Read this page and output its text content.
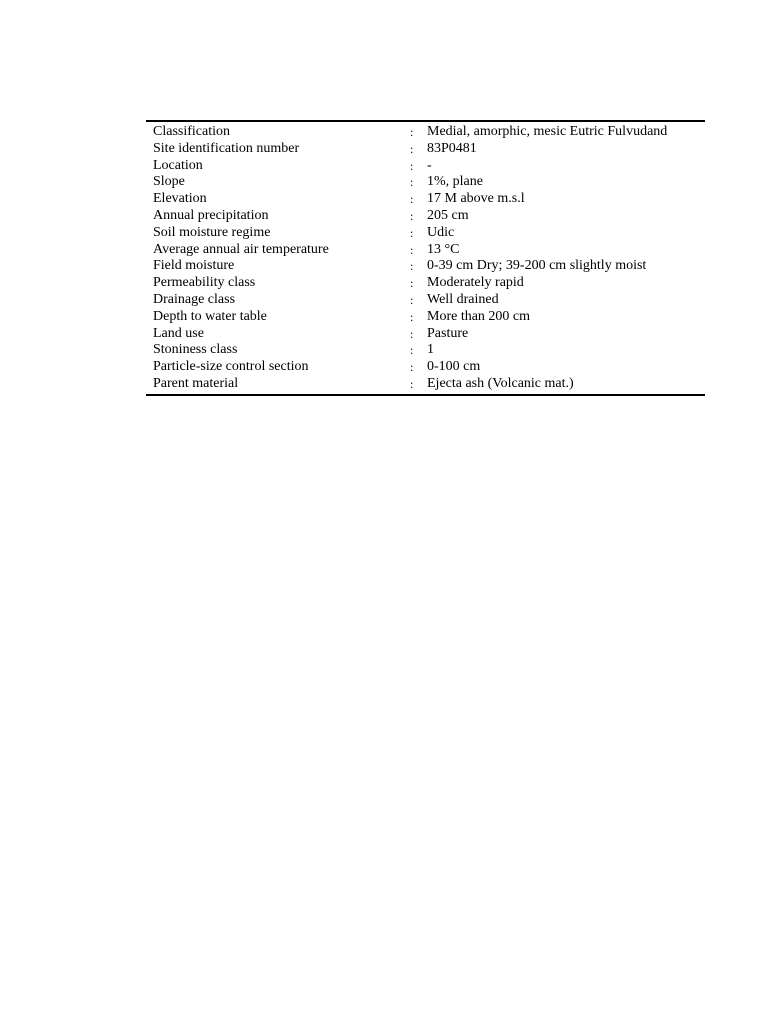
Classification	: Medial, amorphic, mesic Eutric Fulvudand
Site identification number	: 83P0481
Location	: -
Slope	: 1%, plane
Elevation	: 17 M above m.s.l
Annual precipitation	: 205 cm
Soil moisture regime	: Udic
Average annual air temperature	: 13 °C
Field moisture	: 0-39 cm Dry; 39-200 cm slightly moist
Permeability class	: Moderately rapid
Drainage class	: Well drained
Depth to water table	: More than 200 cm
Land use	: Pasture
Stoniness class	: 1
Particle-size control section	: 0-100 cm
Parent material	: Ejecta ash (Volcanic mat.)
